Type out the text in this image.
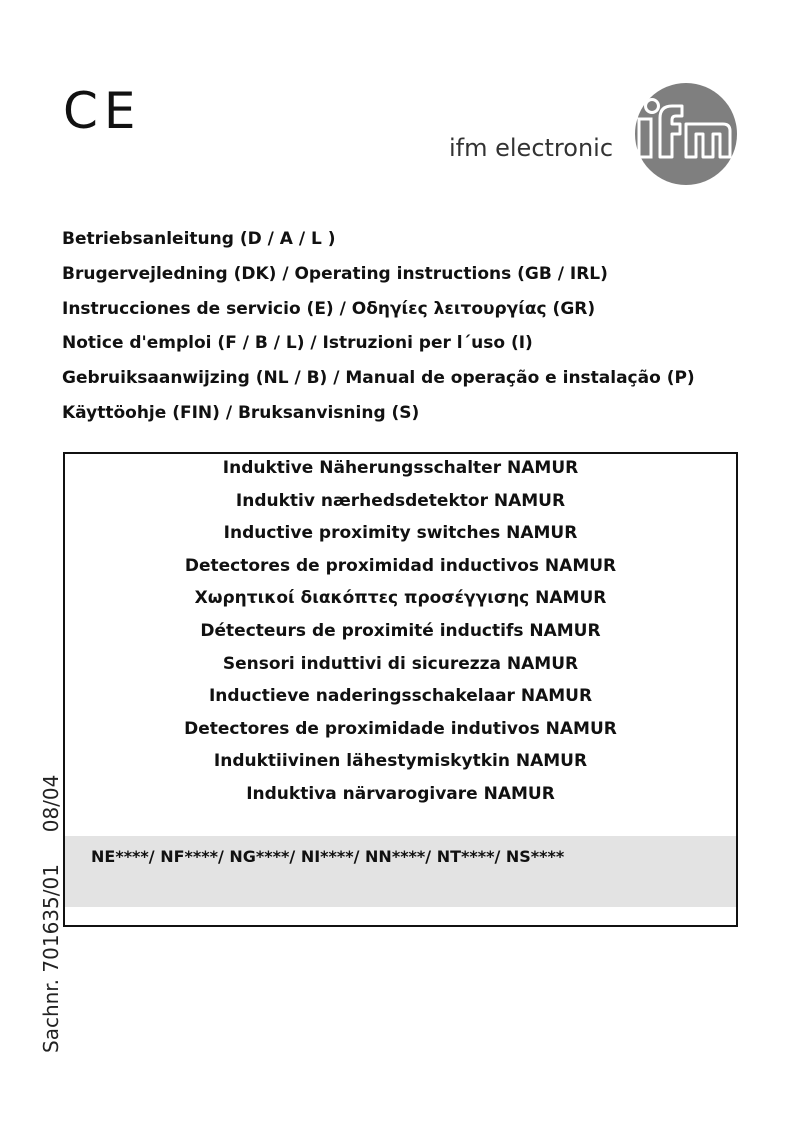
CE
ifm electronic
Betriebsanleitung (D / A / L )
Brugervejledning (DK) / Operating instructions (GB / IRL)
Instrucciones de servicio (E) / Οδηγίες λειτουργίας (GR)
Notice d'emploi (F / B / L) / Istruzioni per l´uso (I)
Gebruiksaanwijzing (NL / B) / Manual de operação e instalação (P)
Käyttöohje (FIN) / Bruksanvisning (S)
Induktive Näherungsschalter NAMUR
Induktiv nærhedsdetektor NAMUR
Inductive proximity switches NAMUR
Detectores de proximidad inductivos NAMUR
Χωρητικοί διακόπτες προσέγγισης NAMUR
Détecteurs de proximité inductifs NAMUR
Sensori induttivi di sicurezza NAMUR
Inductieve naderingsschakelaar NAMUR
Detectores de proximidade indutivos NAMUR
Induktiivinen lähestymiskytkin NAMUR
Induktiva närvarogivare NAMUR
NE****/ NF****/ NG****/ NI****/ NN****/ NT****/ NS****
Sachnr. 701635/01     08/04
